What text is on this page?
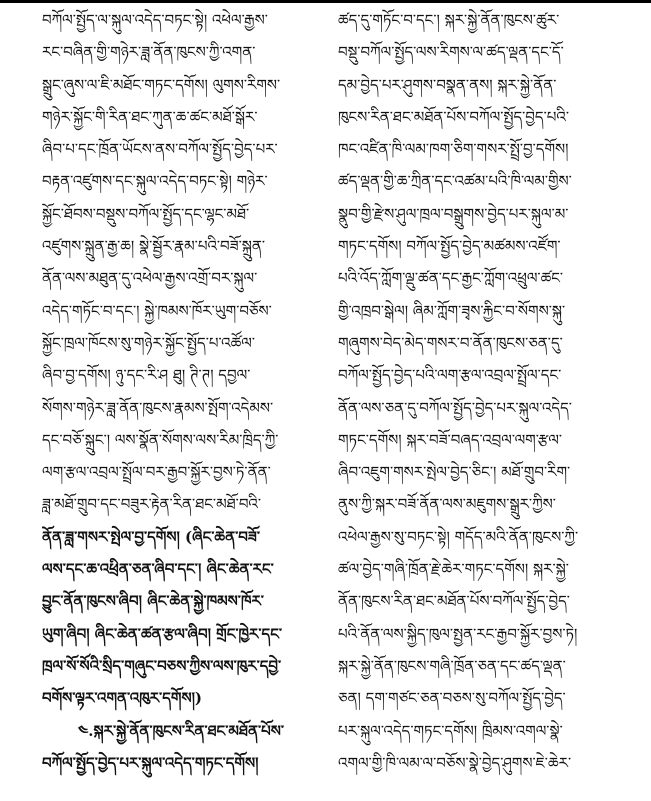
བཀོལ་སྤྱོད་ལ་སྐུལ་འདེད་བཏང་སྟེ། འཕེལ་རྒྱས་
རང་བཞིན་གྱི་གཉེར་ཟླ་ནོན་ཁུངས་ཀྱི་འགན་
སྒྲུང་ཞུས་ལ་ཇི་མཐོང་གཏང་དགོས། ལུགས་རིགས་
གཉེར་སྐྱོང་གི་རིན་ཐང་ཀུན་ཆ་ཚང་མཐོ་སྒོར་
ཞིབ་པ་དང་ཁྲོན་ཡོངས་ནས་བཀོལ་སྤྱོད་བྱེད་པར་
བརྟན་འཛུགས་དང་སྐུལ་འདེད་བཏང་སྟེ། གཉེར་
སྐྱོང་ཐོབས་བསྡུས་བཀོལ་སྤྱོད་དང་ལྷང་མཐོ་
འཛུགས་སྐྲུན་རྒྱ་ཆ། སྣེ་སྦྱོར་རྣམ་པའི་བཟོ་སྐྲུན་
ནོན་ལས་མཐུན་དུ་འཕེལ་རྒྱས་འགྲོ་བར་སྐུལ་
འདེད་གཏོང་བ་དང་། སྐྱེ་ཁམས་ཁོར་ཡུག་བཅོས་
སྐྱོང་ཁྲལ་ཁོངས་སུ་གཉེར་སྐྱོང་སྤྱོད་པ་འཚོལ་
ཞིབ་བྱ་དགོས། ཉུ་དང་རི་ཤ ཐུ། ཊི་ཊ། དབྱལ་
སོགས་གཉེར་ཟླ་ནོན་ཁུངས་རྣམས་སྤོག་འདེམས་
དང་བཅོ་སྐྲུང་། ལས་སྣོན་སོགས་ལས་རིམ་ཁྲིད་ཀྱི་
ལག་རྩལ་འབྲལ་སྤྲོལ་བར་རྒྱབ་སྐྱོར་བྱས་ཏེ་ནོན་
ཟླ་མཐོ་གྲུབ་དང་བཟུར་རྟེན་རིན་ཐང་མཐོ་བའི་
ནོན་ཟླ་གསར་སྤེལ་བྱ་དགོས། (ཞིང་ཆེན་བཟོ་
ལས་དང་ཆ་འཕྲིན་ཅན་ཞིབ་དང་། ཞིང་ཆེན་རང་
བྱུང་ནོན་ཁུངས་ཞིབ། ཞིང་ཆེན་སྐྱེ་ཁམས་ཁོར་
ཡུག་ཞིབ། ཞིང་ཆེན་ཚན་རྩལ་ཞིབ། གྲོང་ཁྱེར་དང་
ཁྲལ་སོ་སོའི་སྲིད་གཞུང་བཅས་ཀྱིས་ལས་ཁུར་དབྱེ་
བགོས་ལྟར་འགན་འཁུར་དགོས།)
༤.སྐར་སྐྱེ་ནོན་ཁུངས་རིན་ཐང་མཐོན་པོས་
བཀོལ་སྤྱོད་བྱེད་པར་སྐུལ་འདེད་གཏང་དགོས།
ཚད་དུ་གཏོང་བ་དང་། སྐར་སྐྱེ་ནོན་ཁུངས་ཚུར་
བསྡུ་བཀོལ་སྤྱོད་ལས་རིགས་ལ་ཚད་ལྡན་དང་དོ་
དམ་བྱེད་པར་ཤུགས་བསྣན་ནས། སྐར་སྐྱེ་ནོན་
ཁུངས་རིན་ཐང་མཐོན་པོས་བཀོལ་སྤྱོད་བྱེད་པའི་
ཁང་འཛིན་ཁི་ལམ་ཁག་ཅིག་གསར་སྤྲོ་བྱ་དགོས།
ཚད་ལྡན་གྱི་ཆ་ཀྲིན་དང་འཚམ་པའི་ཁི་ལམ་གྱིས་
སྣུབ་གྱི་རྫེས་ཤུལ་ཁྲལ་བསྒྲུགས་བྱེད་པར་སྐུལ་མ་
གཏང་དགོས། བཀོལ་སྤྱོད་བྱེད་མཚམས་འཛོག་
པའི་འོད་ཀློག་ལྡུ་ཚན་དང་རྒྱང་ཀློག་འཕྲུལ་ཚང་
གྱི་འཁྲབ་སྒེལ། ཞིམ་ཀློག་ཟྭས་རྐྱིང་བ་སོགས་སྐུ་
གཞུགས་བེད་མེད་གསར་བ་ནོན་ཁུངས་ཅན་དུ་
བཀོལ་སྤྱོད་བྱེད་པའི་ལག་རྩལ་འབྲལ་སྤྲོལ་དང་
ནོན་ལས་ཅན་དུ་བཀོལ་སྤྱོད་བྱེད་པར་སྐུལ་འདེད་
གཏང་དགོས། སྐར་བཟོ་བཞད་འབྲལ་ལག་རྩལ་
ཞིབ་འཇུག་གསར་སྤེལ་བྱེད་ཅིང་། མཐོ་གྲུབ་རིག་
ནུས་ཀྱི་སྐར་བཟོ་ནོན་ལས་མཇུགས་སྒྲུར་ཀྱིས་
འཕེལ་རྒྱས་སུ་བཏང་སྟེ། གདོད་མའི་ནོན་ཁུངས་ཀྱི་
ཚལ་བྱེད་གཞི་ཁྲོན་རྗེ་ཆེར་གཏང་དགོས། སྐར་སྐྱེ་
ནོན་ཁུངས་རིན་ཐང་མཐོན་པོས་བཀོལ་སྤྱོད་བྱེད་
པའི་ནོན་ལས་སྐྱིད་ཁུལ་སྤྱན་རང་རྒྱབ་སྐྱོར་བྱས་ཏེ།
སྐར་སྐྱེ་ནོན་ཁུངས་གཞི་ཁྲོན་ཅན་དང་ཚད་ལྡན་
ཅན། དག་གཙང་ཅན་བཅས་སུ་བཀོལ་སྤྱོད་བྱེད་
པར་སྐུལ་འདེད་གཏང་དགོས། ཁྲིམས་འགལ་སྣེ་
འགལ་གྱི་ཁི་ལམ་ལ་བཅོས་སྣེ་བྱེད་ཤུགས་ཇེ་ཆེར་
